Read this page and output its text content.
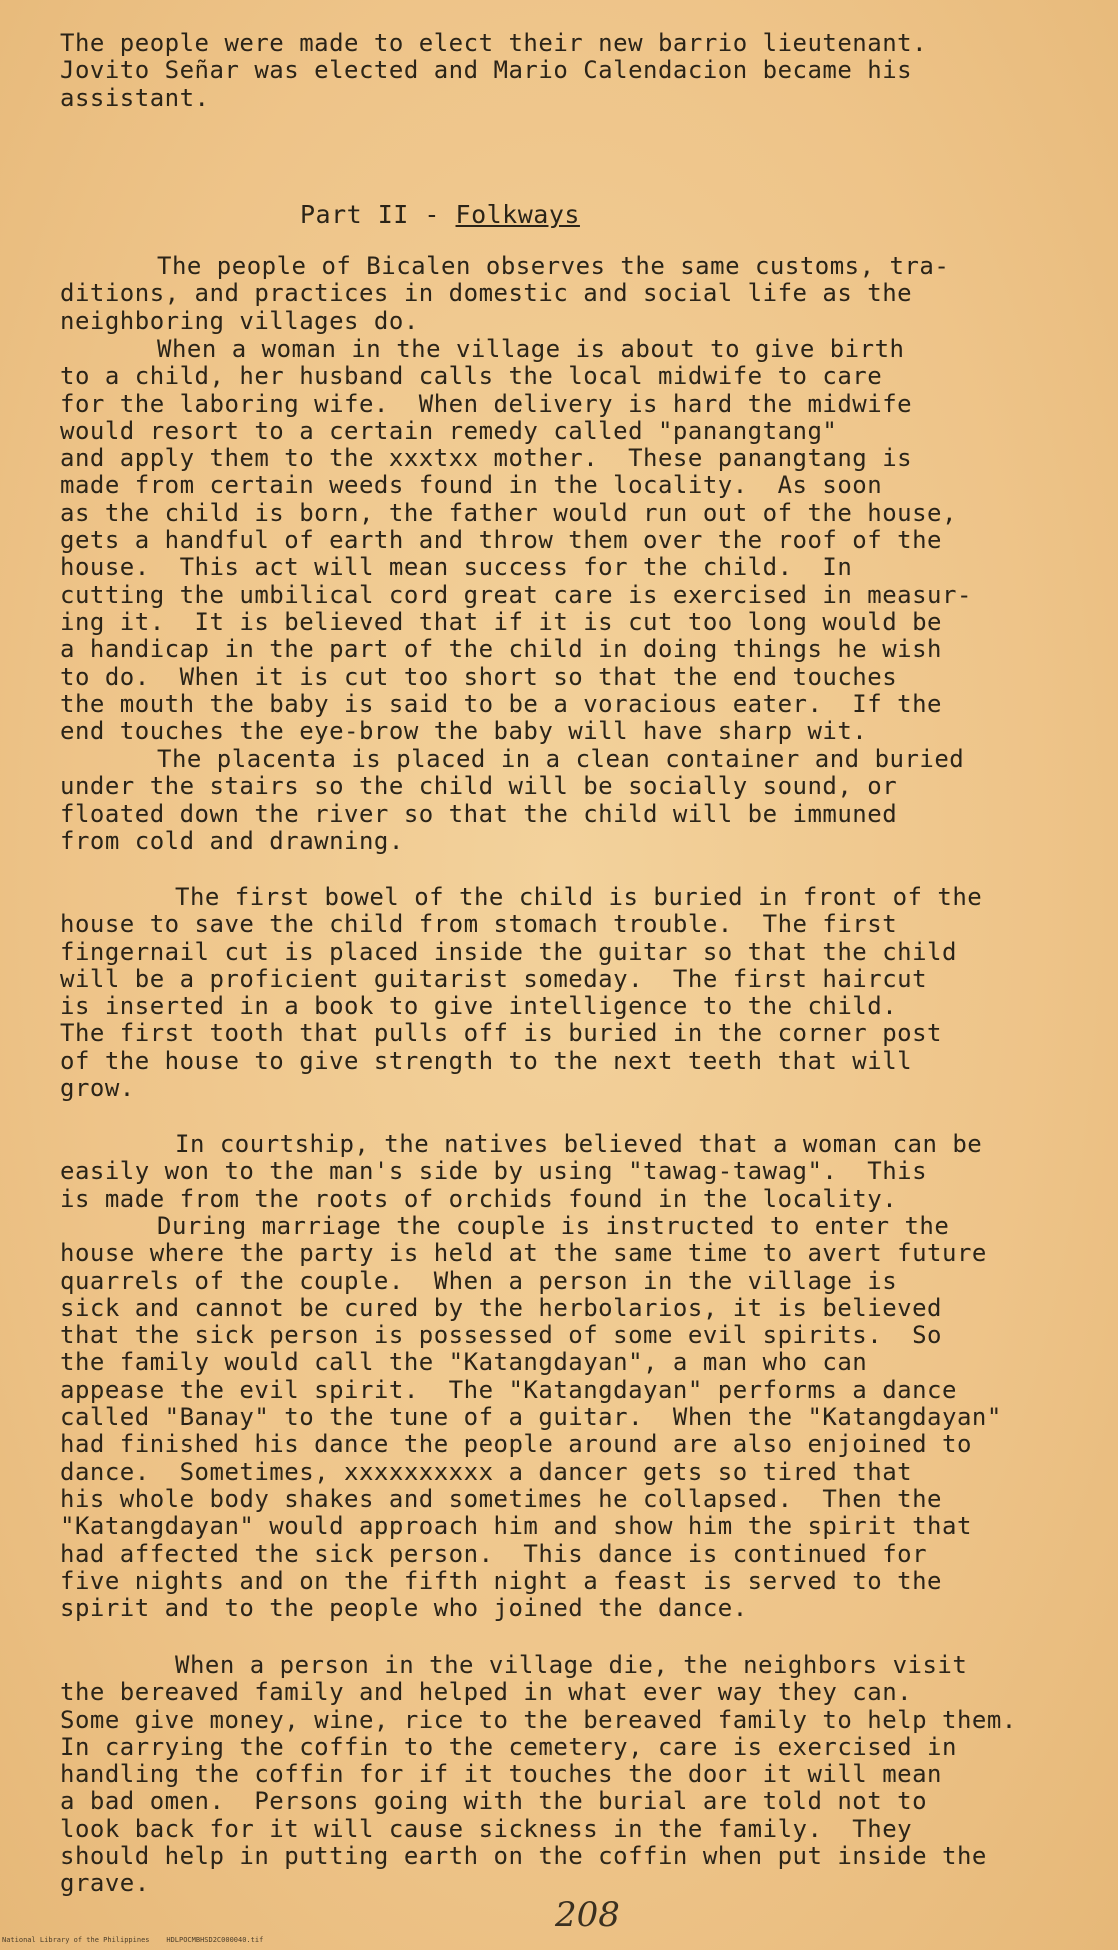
The people were made to elect their new barrio lieutenant.
Jovito Señar was elected and Mario Calendacion became his
assistant.
Part II - Folkways
The people of Bicalen observes the same customs, tra-
ditions, and practices in domestic and social life as the
neighboring villages do.
When a woman in the village is about to give birth
to a child, her husband calls the local midwife to care
for the laboring wife.  When delivery is hard the midwife
would resort to a certain remedy called "panangtang"
and apply them to the xxxtxx mother.  These panangtang is
made from certain weeds found in the locality.  As soon
as the child is born, the father would run out of the house,
gets a handful of earth and throw them over the roof of the
house.  This act will mean success for the child.  In
cutting the umbilical cord great care is exercised in measur-
ing it.  It is believed that if it is cut too long would be
a handicap in the part of the child in doing things he wish
to do.  When it is cut too short so that the end touches
the mouth the baby is said to be a voracious eater.  If the
end touches the eye-brow the baby will have sharp wit.
The placenta is placed in a clean container and buried
under the stairs so the child will be socially sound, or
floated down the river so that the child will be immuned
from cold and drawning.
The first bowel of the child is buried in front of the
house to save the child from stomach trouble.  The first
fingernail cut is placed inside the guitar so that the child
will be a proficient guitarist someday.  The first haircut
is inserted in a book to give intelligence to the child.
The first tooth that pulls off is buried in the corner post
of the house to give strength to the next teeth that will
grow.
In courtship, the natives believed that a woman can be
easily won to the man's side by using "tawag-tawag".  This
is made from the roots of orchids found in the locality.
During marriage the couple is instructed to enter the
house where the party is held at the same time to avert future
quarrels of the couple.  When a person in the village is
sick and cannot be cured by the herbolarios, it is believed
that the sick person is possessed of some evil spirits.  So
the family would call the "Katangdayan", a man who can
appease the evil spirit.  The "Katangdayan" performs a dance
called "Banay" to the tune of a guitar.  When the "Katangdayan"
had finished his dance the people around are also enjoined to
dance.  Sometimes, xxxxxxxxxx a dancer gets so tired that
his whole body shakes and sometimes he collapsed.  Then the
"Katangdayan" would approach him and show him the spirit that
had affected the sick person.  This dance is continued for
five nights and on the fifth night a feast is served to the
spirit and to the people who joined the dance.
When a person in the village die, the neighbors visit
the bereaved family and helped in what ever way they can.
Some give money, wine, rice to the bereaved family to help them.
In carrying the coffin to the cemetery, care is exercised in
handling the coffin for if it touches the door it will mean
a bad omen.  Persons going with the burial are told not to
look back for it will cause sickness in the family.  They
should help in putting earth on the coffin when put inside the
grave.
208
National Library of the Philippines    HDLPOCMBHSD2C000040.tif
